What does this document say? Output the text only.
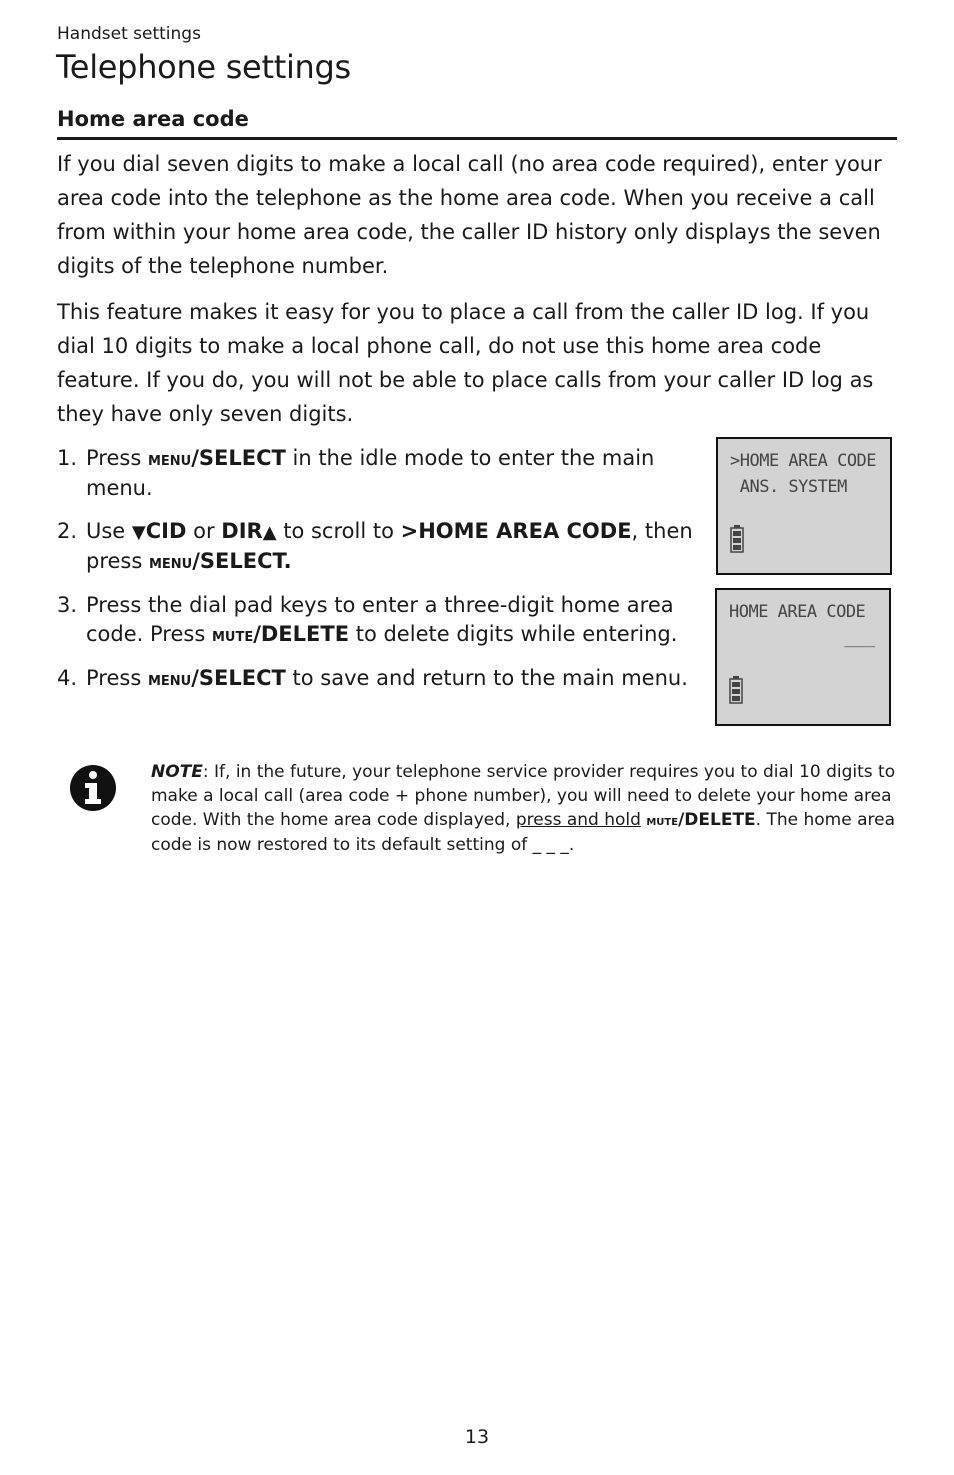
Handset settings
Telephone settings
Home area code

If you dial seven digits to make a local call (no area code required), enter your area code into the telephone as the home area code. When you receive a call from within your home area code, the caller ID history only displays the seven digits of the telephone number.

This feature makes it easy for you to place a call from the caller ID log. If you dial 10 digits to make a local phone call, do not use this home area code feature. If you do, you will not be able to place calls from your caller ID log as they have only seven digits.

1. Press menu/SELECT in the idle mode to enter the main menu.
2. Use ▼CID or DIR▲ to scroll to >HOME AREA CODE, then press menu/SELECT.
3. Press the dial pad keys to enter a three-digit home area code. Press mute/DELETE to delete digits while entering.
4. Press menu/SELECT to save and return to the main menu.
>HOME AREA CODE
ANS. SYSTEM
HOME AREA CODE
___

NOTE: If, in the future, your telephone service provider requires you to dial 10 digits to make a local call (area code + phone number), you will need to delete your home area code. With the home area code displayed, press and hold mute/DELETE. The home area code is now restored to its default setting of _ _ _.

13
